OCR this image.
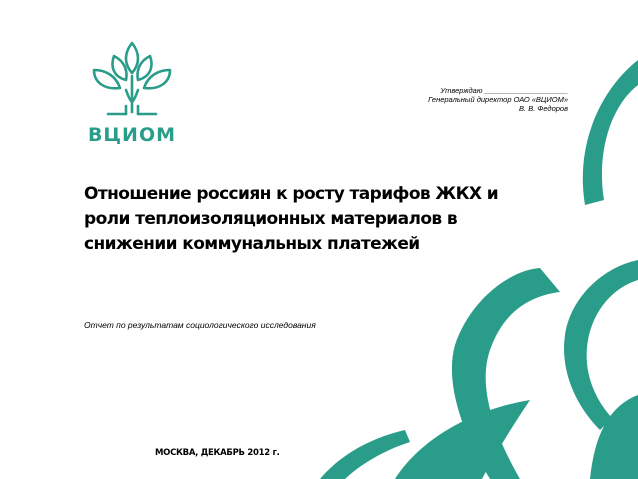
ВЦИОМ
Утверждаю ____________________
Генеральный директор ОАО «ВЦИОМ»
В. В. Федоров
Отношение россиян к росту тарифов ЖКХ и
роли теплоизоляционных материалов в
снижении коммунальных платежей
Отчет по результатам социологического исследования
МОСКВА, ДЕКАБРЬ 2012 г.
